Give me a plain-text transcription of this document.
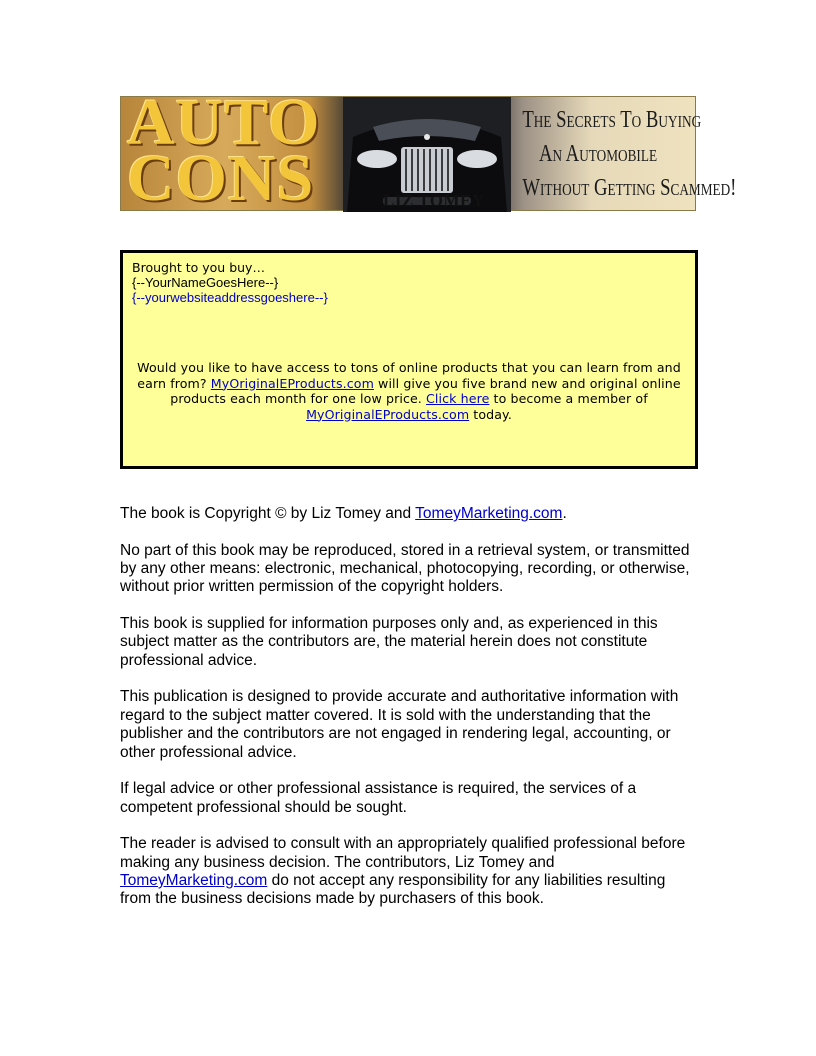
AUTO
CONS	LIZ TOMEY
The Secrets To Buying
An Automobile
Without Getting Scammed!
Brought to you buy…
{--YourNameGoesHere--}
{--yourwebsiteaddressgoeshere--}
Would you like to have access to tons of online products that you can learn from and earn from? MyOriginalEProducts.com will give you five brand new and original online products each month for one low price. Click here to become a member of MyOriginalEProducts.com today.

The book is Copyright © by Liz Tomey and TomeyMarketing.com.

No part of this book may be reproduced, stored in a retrieval system, or transmitted by any other means: electronic, mechanical, photocopying, recording, or otherwise, without prior written permission of the copyright holders.

This book is supplied for information purposes only and, as experienced in this subject matter as the contributors are, the material herein does not constitute professional advice.

This publication is designed to provide accurate and authoritative information with regard to the subject matter covered. It is sold with the understanding that the publisher and the contributors are not engaged in rendering legal, accounting, or other professional advice.

If legal advice or other professional assistance is required, the services of a competent professional should be sought.

The reader is advised to consult with an appropriately qualified professional before making any business decision. The contributors, Liz Tomey and TomeyMarketing.com do not accept any responsibility for any liabilities resulting from the business decisions made by purchasers of this book.
